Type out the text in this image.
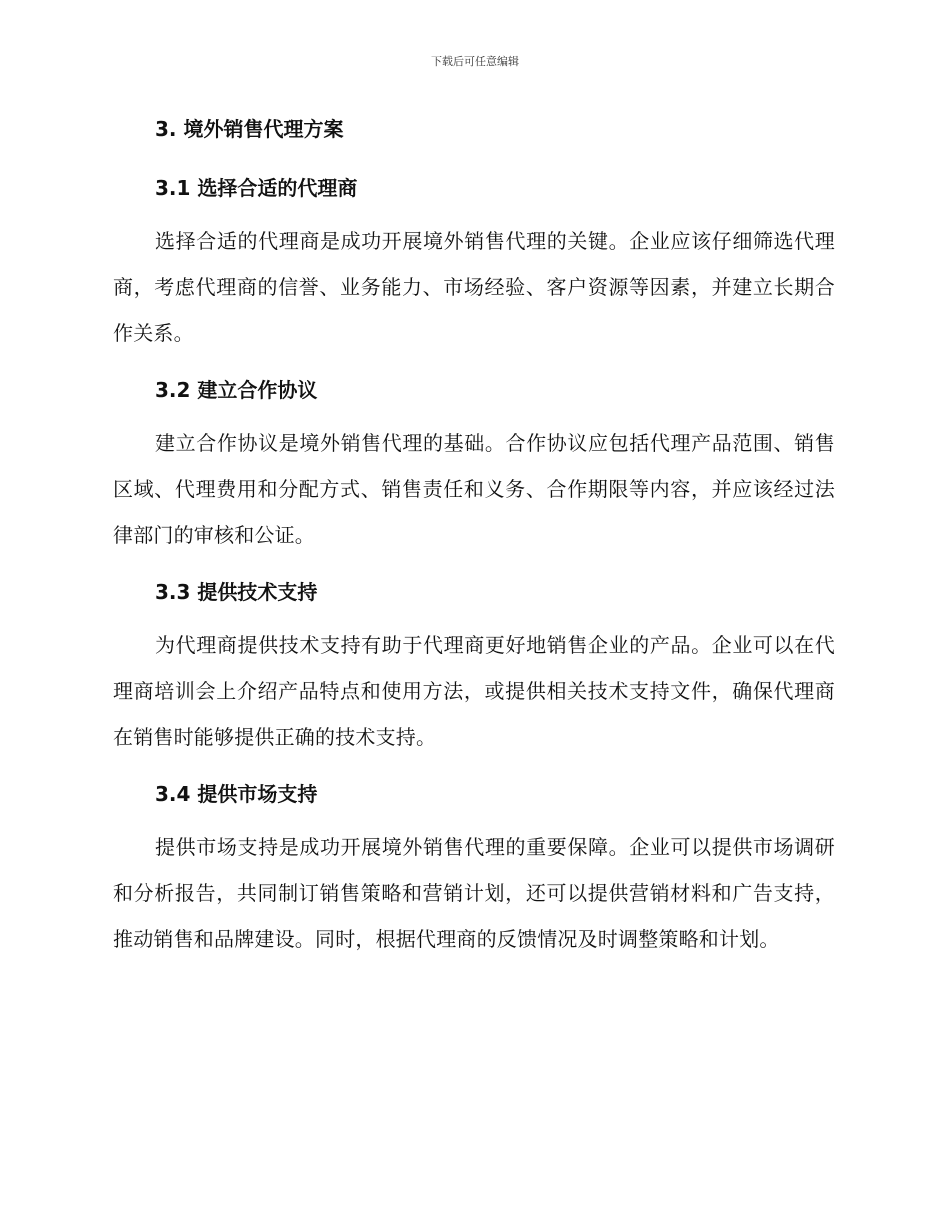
下载后可任意编辑
3. 境外销售代理方案
3.1 选择合适的代理商

选择合适的代理商是成功开展境外销售代理的关键。企业应该仔细筛选代理商，考虑代理商的信誉、业务能力、市场经验、客户资源等因素，并建立长期合作关系。

3.2 建立合作协议

建立合作协议是境外销售代理的基础。合作协议应包括代理产品范围、销售区域、代理费用和分配方式、销售责任和义务、合作期限等内容，并应该经过法律部门的审核和公证。

3.3 提供技术支持

为代理商提供技术支持有助于代理商更好地销售企业的产品。企业可以在代理商培训会上介绍产品特点和使用方法，或提供相关技术支持文件，确保代理商在销售时能够提供正确的技术支持。

3.4 提供市场支持

提供市场支持是成功开展境外销售代理的重要保障。企业可以提供市场调研和分析报告，共同制订销售策略和营销计划，还可以提供营销材料和广告支持，推动销售和品牌建设。同时，根据代理商的反馈情况及时调整策略和计划。
